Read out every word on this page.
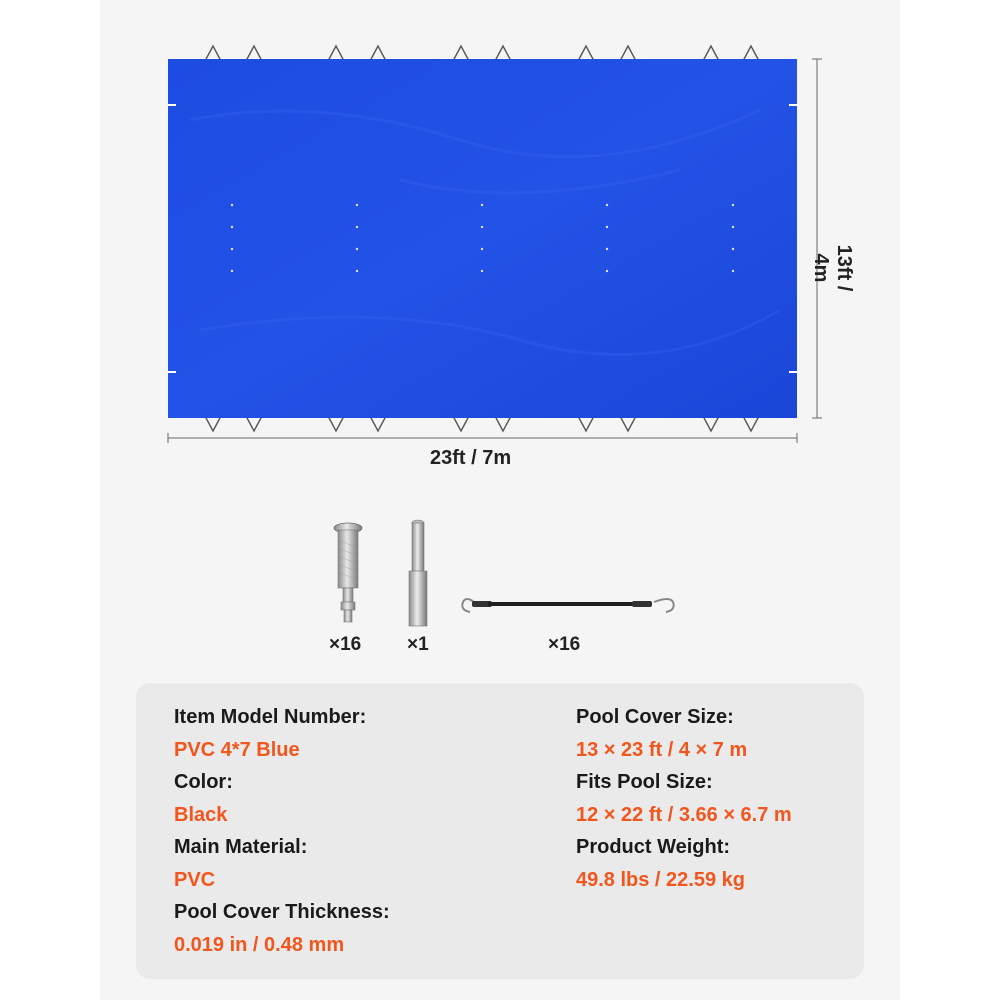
23ft / 7m
13ft / 4m
×16 ×1	×16
Item Model Number:
PVC 4*7 Blue
Color:
Black
Main Material:
PVC
Pool Cover Thickness:
0.019 in / 0.48 mm
Pool Cover Size:
13 × 23 ft / 4 × 7 m
Fits Pool Size:
12 × 22 ft / 3.66 × 6.7 m
Product Weight:
49.8 lbs / 22.59 kg
